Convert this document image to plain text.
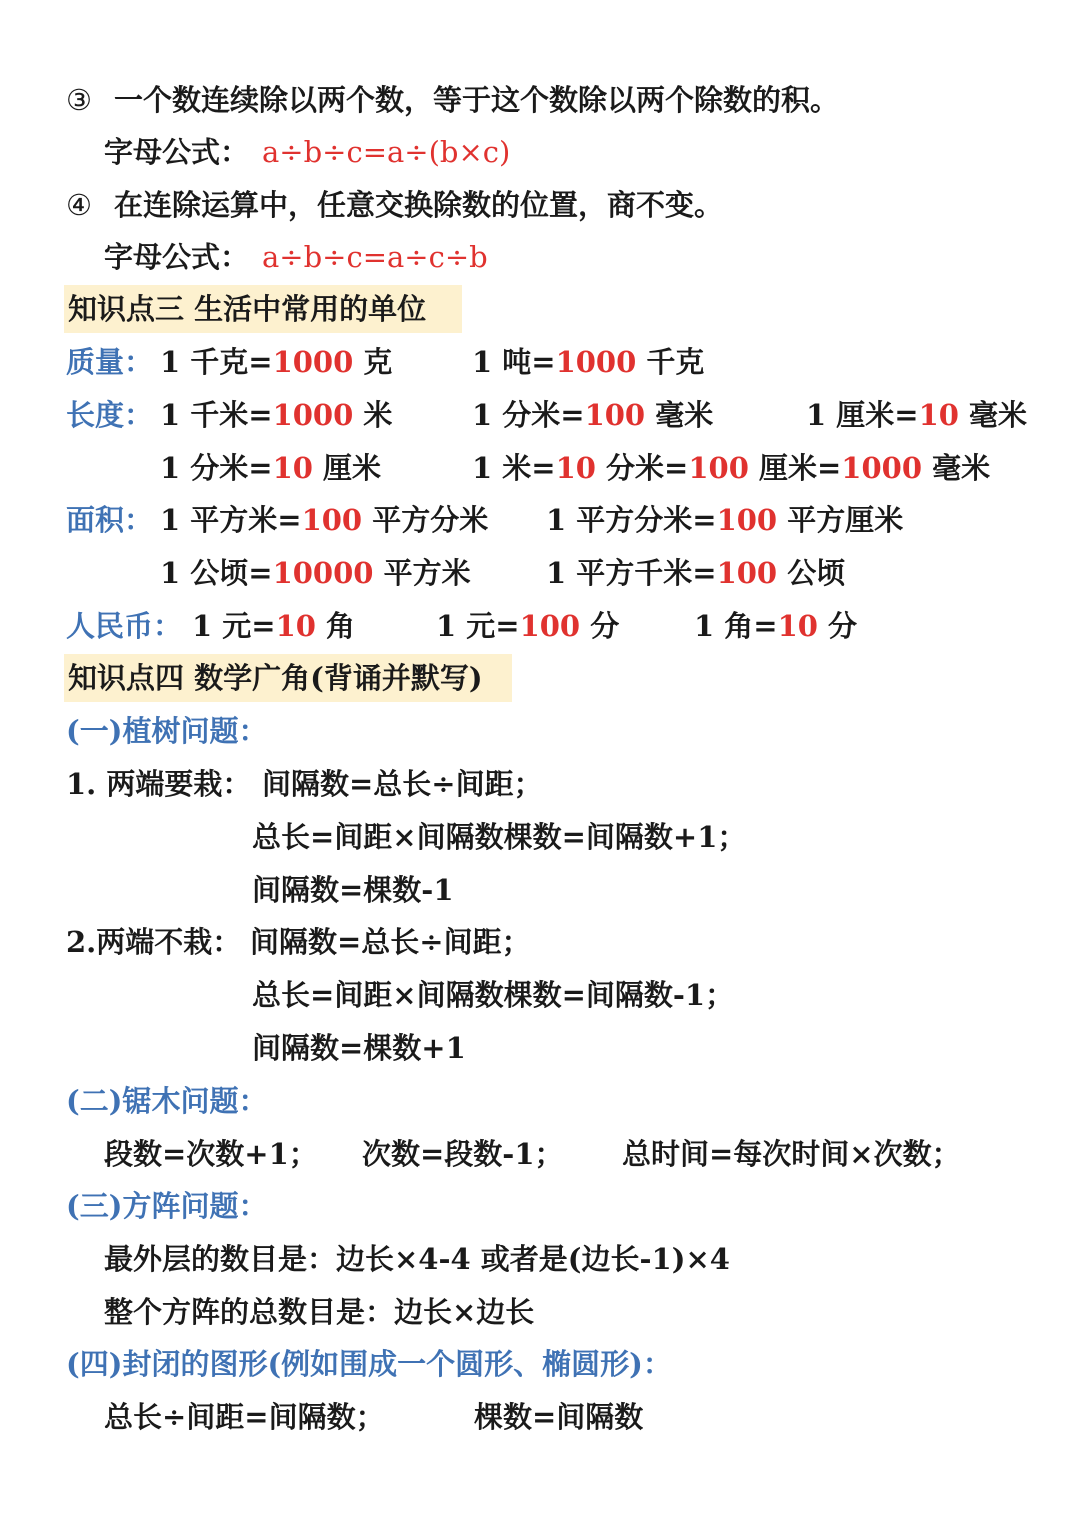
③ 一个数连续除以两个数，等于这个数除以两个除数的积。
字母公式： a÷b÷c=a÷(b×c)
④ 在连除运算中，任意交换除数的位置，商不变。
字母公式： a÷b÷c=a÷c÷b
知识点三 生活中常用的单位
质量： 1 千克=1000 克	1 吨=1000 千克
长度： 1 千米=1000 米	1 分米=100 毫米	1 厘米=10 毫米
1 分米=10 厘米	1 米=10 分米=100 厘米=1000 毫米
面积： 1 平方米=100 平方分米 1 平方分米=100 平方厘米
1 公顷=10000 平方米	1 平方千米=100 公顷
人民币： 1 元=10 角	1 元=100 分	1 角=10 分
知识点四 数学广角(背诵并默写)
(一)植树问题：
1. 两端要栽： 间隔数=总长÷间距；
总长=间距×间隔数棵数=间隔数+1；
间隔数=棵数-1
2.两端不栽： 间隔数=总长÷间距；
总长=间距×间隔数棵数=间隔数-1；
间隔数=棵数+1
(二)锯木问题：
段数=次数+1； 次数=段数-1； 总时间=每次时间×次数；
(三)方阵问题：
最外层的数目是：边长×4-4 或者是(边长-1)×4
整个方阵的总数目是：边长×边长
(四)封闭的图形(例如围成一个圆形、椭圆形)：
总长÷间距=间隔数；	棵数=间隔数
